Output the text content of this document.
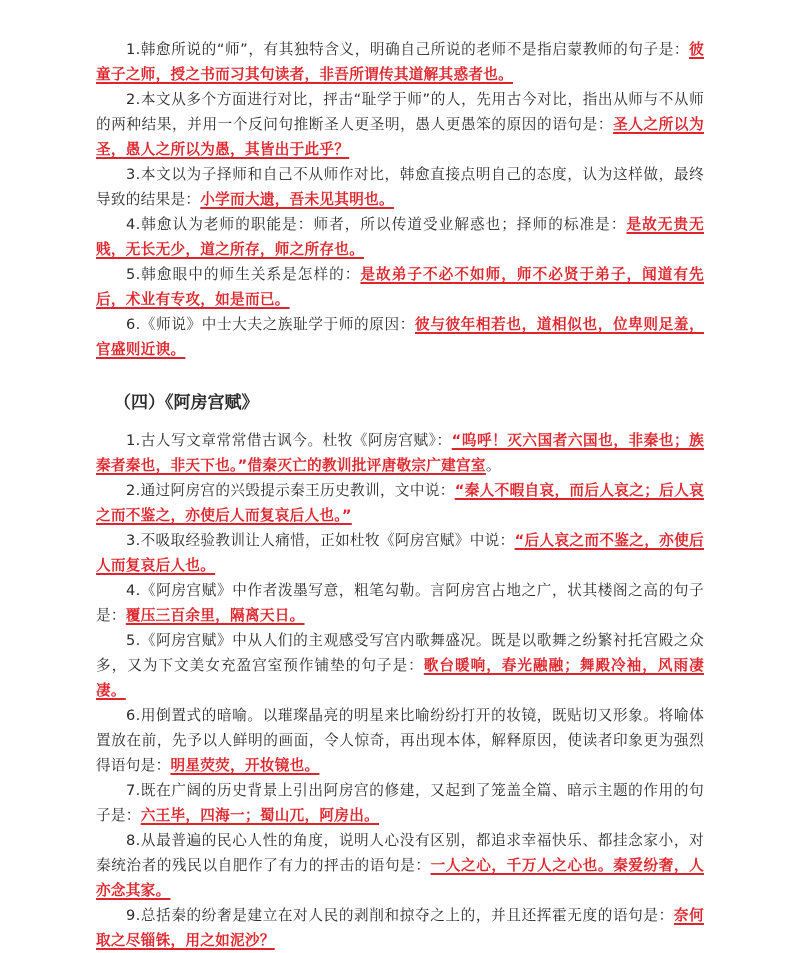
1.韩愈所说的“师”，有其独特含义，明确自己所说的老师不是指启蒙教师的句子是：彼童子之师，授之书而习其句读者，非吾所谓传其道解其惑者也。

2.本文从多个方面进行对比，抨击“耻学于师”的人，先用古今对比，指出从师与不从师的两种结果，并用一个反问句推断圣人更圣明，愚人更愚笨的原因的语句是：圣人之所以为圣，愚人之所以为愚，其皆出于此乎？

3.本文以为子择师和自己不从师作对比，韩愈直接点明自己的态度，认为这样做，最终导致的结果是：小学而大遗，吾未见其明也。

4.韩愈认为老师的职能是：师者，所以传道受业解惑也；择师的标准是：是故无贵无贱，无长无少，道之所存，师之所存也。

5.韩愈眼中的师生关系是怎样的：是故弟子不必不如师，师不必贤于弟子，闻道有先后，术业有专攻，如是而已。

6.《师说》中士大夫之族耻学于师的原因：彼与彼年相若也，道相似也，位卑则足羞，官盛则近谀。

（四）《阿房宫赋》

1.古人写文章常常借古讽今。杜牧《阿房宫赋》：“呜呼！灭六国者六国也，非秦也；族秦者秦也，非天下也。”借秦灭亡的教训批评唐敬宗广建宫室。

2.通过阿房宫的兴毁提示秦王历史教训，文中说：“秦人不暇自哀，而后人哀之；后人哀之而不鉴之，亦使后人而复哀后人也。”

3.不吸取经验教训让人痛惜，正如杜牧《阿房宫赋》中说：“后人哀之而不鉴之，亦使后人而复哀后人也。

4.《阿房宫赋》中作者泼墨写意，粗笔勾勒。言阿房宫占地之广，状其楼阁之高的句子是：覆压三百余里，隔离天日。

5.《阿房宫赋》中从人们的主观感受写宫内歌舞盛况。既是以歌舞之纷繁衬托宫殿之众多，又为下文美女充盈宫室预作铺垫的句子是：歌台暖响，春光融融；舞殿冷袖，风雨凄凄。

6.用倒置式的暗喻。以璀璨晶亮的明星来比喻纷纷打开的妆镜，既贴切又形象。将喻体置放在前，先予以人鲜明的画面，令人惊奇，再出现本体，解释原因，使读者印象更为强烈得语句是：明星荧荧，开妆镜也。

7.既在广阔的历史背景上引出阿房宫的修建，又起到了笼盖全篇、暗示主题的作用的句子是：六王毕，四海一；蜀山兀，阿房出。

8.从最普遍的民心人性的角度，说明人心没有区别，都追求幸福快乐、都挂念家小，对秦统治者的残民以自肥作了有力的抨击的语句是：一人之心，千万人之心也。秦爱纷奢，人亦念其家。

9.总括秦的纷奢是建立在对人民的剥削和掠夺之上的，并且还挥霍无度的语句是：奈何取之尽锱铢，用之如泥沙？
